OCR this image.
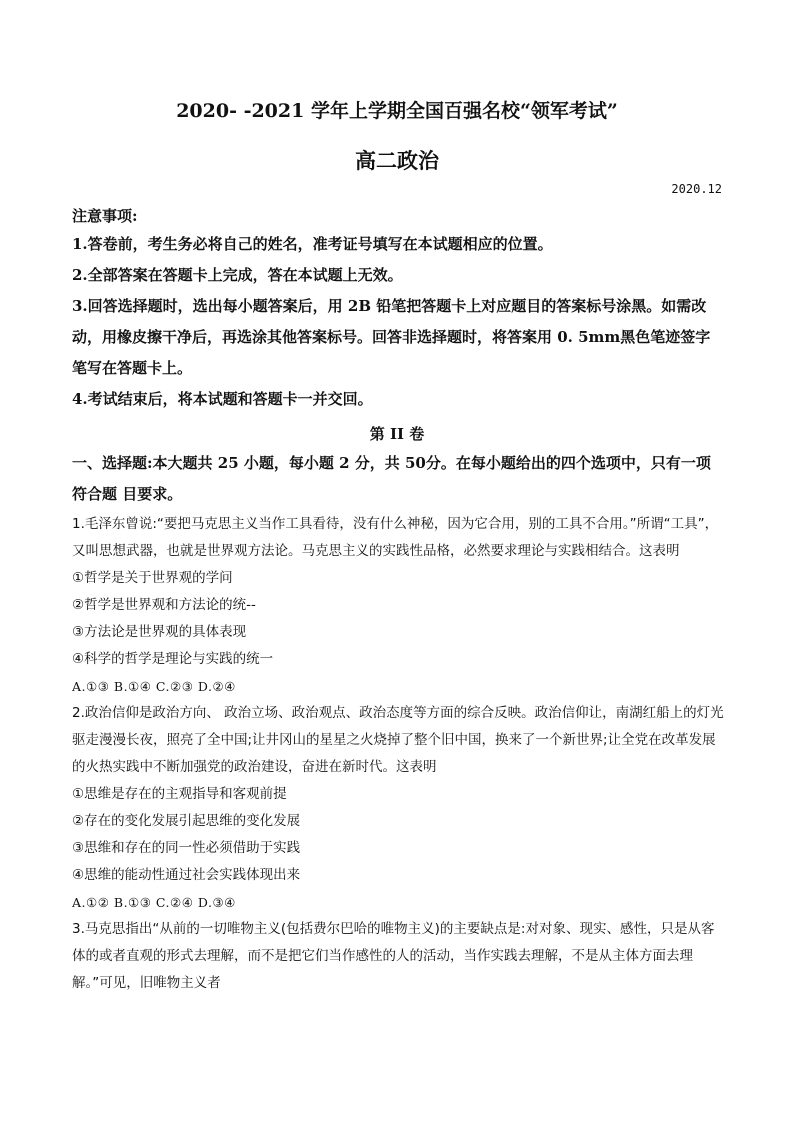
2020- -2021 学年上学期全国百强名校“领军考试”
高二政治
2020.12
注意事项:
1.答卷前，考生务必将自己的姓名，准考证号填写在本试题相应的位置。
2.全部答案在答题卡上完成，答在本试题上无效。
3.回答选择题时，选出每小题答案后，用 2B 铅笔把答题卡上对应题目的答案标号涂黑。如需改动，用橡皮擦干净后，再选涂其他答案标号。回答非选择题时，将答案用 0. 5mm黑色笔迹签字笔写在答题卡上。
4.考试结束后，将本试题和答题卡一并交回。
第 II 卷
一、选择题:本大题共 25 小题，每小题 2 分，共 50分。在每小题给出的四个选项中，只有一项符合题 目要求。
1.毛泽东曾说:“要把马克思主义当作工具看待，没有什么神秘，因为它合用，别的工具不合用。”所谓“工具”，又叫思想武器，也就是世界观方法论。马克思主义的实践性品格，必然要求理论与实践相结合。这表明
①哲学是关于世界观的学问
②哲学是世界观和方法论的统--
③方法论是世界观的具体表现
④科学的哲学是理论与实践的统一
A.①③ B.①④ C.②③ D.②④
2.政治信仰是政治方向、 政治立场、政治观点、政治态度等方面的综合反映。政治信仰让，南湖红船上的灯光驱走漫漫长夜，照亮了全中国;让井冈山的星星之火烧掉了整个旧中国，换来了一个新世界;让全党在改革发展的火热实践中不断加强党的政治建设，奋进在新时代。这表明
①思维是存在的主观指导和客观前提
②存在的变化发展引起思维的变化发展
③思维和存在的同一性必须借助于实践
④思维的能动性通过社会实践体现出来
A.①② B.①③ C.②④ D.③④
3.马克思指出“从前的一切唯物主义(包括费尔巴哈的唯物主义)的主要缺点是:对对象、现实、感性，只是从客体的或者直观的形式去理解，而不是把它们当作感性的人的活动，当作实践去理解，不是从主体方面去理解。”可见，旧唯物主义者
